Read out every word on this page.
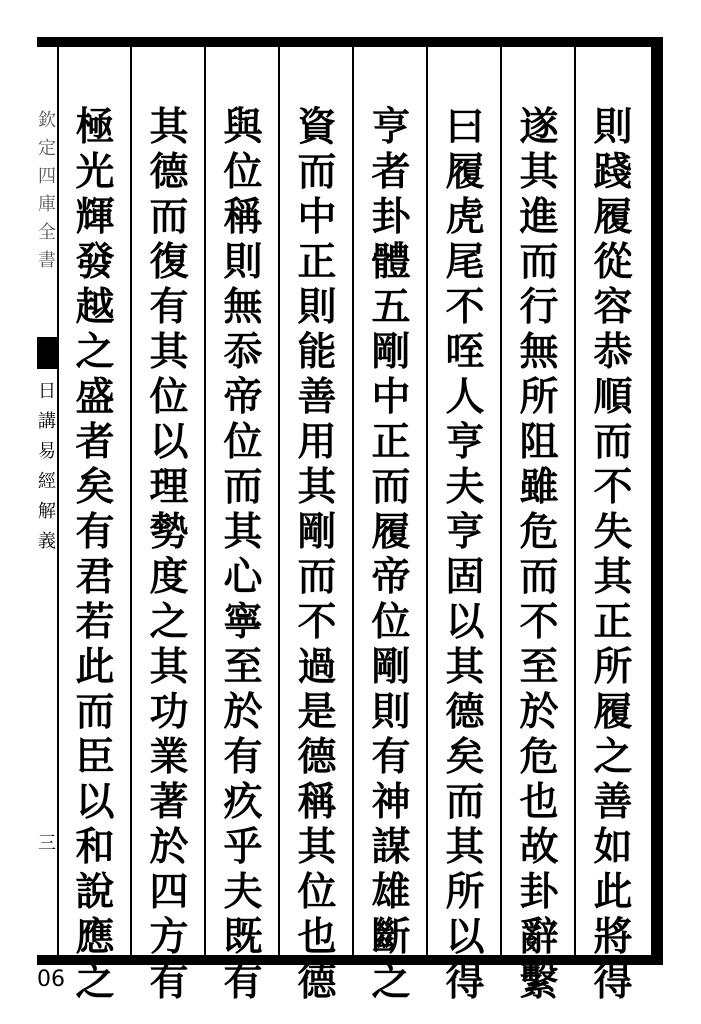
欽定四庫全書
日講易經解義
三
則
踐
履
從
容
恭
順
而
不
失
其
正
所
履
之
善
如
此
將
得
遂
其
進
而
行
無
所
阻
雖
危
而
不
至
於
危
也
故
卦
辭
繫
曰
履
虎
尾
不
咥
人
亨
夫
亨
固
以
其
德
矣
而
其
所
以
得
亨
者
卦
體
五
剛
中
正
而
履
帝
位
剛
則
有
神
謀
雄
斷
之
資
而
中
正
則
能
善
用
其
剛
而
不
過
是
德
稱
其
位
也
德
與
位
稱
則
無
忝
帝
位
而
其
心
寧
至
於
有
疚
乎
夫
既
有
其
德
而
復
有
其
位
以
理
勢
度
之
其
功
業
著
於
四
方
有
極
光
輝
發
越
之
盛
者
矣
有
君
若
此
而
臣
以
和
說
應
之
06
